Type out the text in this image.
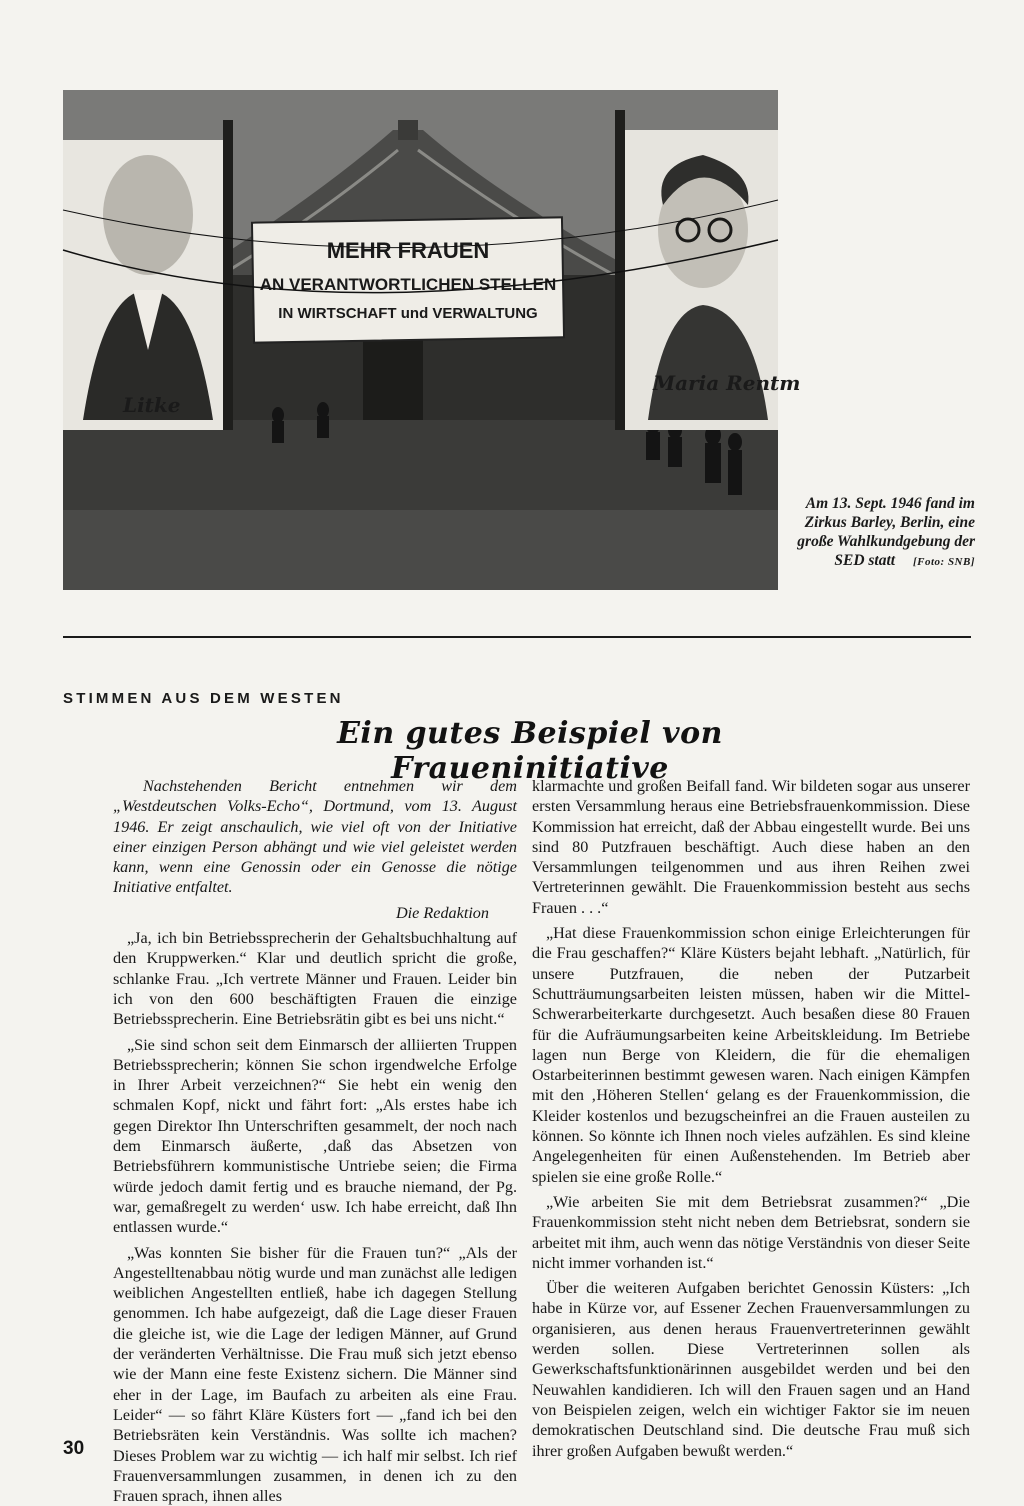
MEHR FRAUEN
AN VERANTWORTLICHEN STELLEN
IN WIRTSCHAFT und VERWALTUNG
Litke
Maria Rentm
Am 13. Sept. 1946 fand im Zirkus Barley, Berlin, eine große Wahlkundgebung der SED statt [Foto: SNB]
STIMMEN AUS DEM WESTEN
Ein gutes Beispiel von Fraueninitiative

Nachstehenden Bericht entnehmen wir dem „Westdeutschen Volks-Echo“, Dortmund, vom 13. August 1946. Er zeigt anschaulich, wie viel oft von der Initiative einer einzigen Person abhängt und wie viel geleistet werden kann, wenn eine Genossin oder ein Genosse die nötige Initiative entfaltet.

Die Redaktion

„Ja, ich bin Betriebssprecherin der Gehaltsbuchhaltung auf den Kruppwerken.“ Klar und deutlich spricht die große, schlanke Frau. „Ich vertrete Männer und Frauen. Leider bin ich von den 600 beschäftigten Frauen die einzige Betriebssprecherin. Eine Betriebsrätin gibt es bei uns nicht.“

„Sie sind schon seit dem Einmarsch der alliierten Truppen Betriebssprecherin; können Sie schon irgendwelche Erfolge in Ihrer Arbeit verzeichnen?“ Sie hebt ein wenig den schmalen Kopf, nickt und fährt fort: „Als erstes habe ich gegen Direktor Ihn Unterschriften gesammelt, der noch nach dem Einmarsch äußerte, ‚daß das Absetzen von Betriebsführern kommunistische Untriebe seien; die Firma würde jedoch damit fertig und es brauche niemand, der Pg. war, gemaßregelt zu werden‘ usw. Ich habe erreicht, daß Ihn entlassen wurde.“

„Was konnten Sie bisher für die Frauen tun?“ „Als der Angestelltenabbau nötig wurde und man zunächst alle ledigen weiblichen Angestellten entließ, habe ich dagegen Stellung genommen. Ich habe aufgezeigt, daß die Lage dieser Frauen die gleiche ist, wie die Lage der ledigen Männer, auf Grund der veränderten Verhältnisse. Die Frau muß sich jetzt ebenso wie der Mann eine feste Existenz sichern. Die Männer sind eher in der Lage, im Baufach zu arbeiten als eine Frau. Leider“ — so fährt Kläre Küsters fort — „fand ich bei den Betriebsräten kein Verständnis. Was sollte ich machen? Dieses Problem war zu wichtig — ich half mir selbst. Ich rief Frauenversammlungen zusammen, in denen ich zu den Frauen sprach, ihnen alles

klarmachte und großen Beifall fand. Wir bildeten sogar aus unserer ersten Versammlung heraus eine Betriebsfrauenkommission. Diese Kommission hat erreicht, daß der Abbau eingestellt wurde. Bei uns sind 80 Putzfrauen beschäftigt. Auch diese haben an den Versammlungen teilgenommen und aus ihren Reihen zwei Vertreterinnen gewählt. Die Frauenkommission besteht aus sechs Frauen . . .“

„Hat diese Frauenkommission schon einige Erleichterungen für die Frau geschaffen?“ Kläre Küsters bejaht lebhaft. „Natürlich, für unsere Putzfrauen, die neben der Putzarbeit Schutträumungsarbeiten leisten müssen, haben wir die Mittel-Schwerarbeiterkarte durchgesetzt. Auch besaßen diese 80 Frauen für die Aufräumungsarbeiten keine Arbeitskleidung. Im Betriebe lagen nun Berge von Kleidern, die für die ehemaligen Ostarbeiterinnen bestimmt gewesen waren. Nach einigen Kämpfen mit den ‚Höheren Stellen‘ gelang es der Frauenkommission, die Kleider kostenlos und bezugscheinfrei an die Frauen austeilen zu können. So könnte ich Ihnen noch vieles aufzählen. Es sind kleine Angelegenheiten für einen Außenstehenden. Im Betrieb aber spielen sie eine große Rolle.“

„Wie arbeiten Sie mit dem Betriebsrat zusammen?“ „Die Frauenkommission steht nicht neben dem Betriebsrat, sondern sie arbeitet mit ihm, auch wenn das nötige Verständnis von dieser Seite nicht immer vorhanden ist.“

Über die weiteren Aufgaben berichtet Genossin Küsters: „Ich habe in Kürze vor, auf Essener Zechen Frauenversammlungen zu organisieren, aus denen heraus Frauenvertreterinnen gewählt werden sollen. Diese Vertreterinnen sollen als Gewerkschaftsfunktionärinnen ausgebildet werden und bei den Neuwahlen kandidieren. Ich will den Frauen sagen und an Hand von Beispielen zeigen, welch ein wichtiger Faktor sie im neuen demokratischen Deutschland sind. Die deutsche Frau muß sich ihrer großen Aufgaben bewußt werden.“

30
